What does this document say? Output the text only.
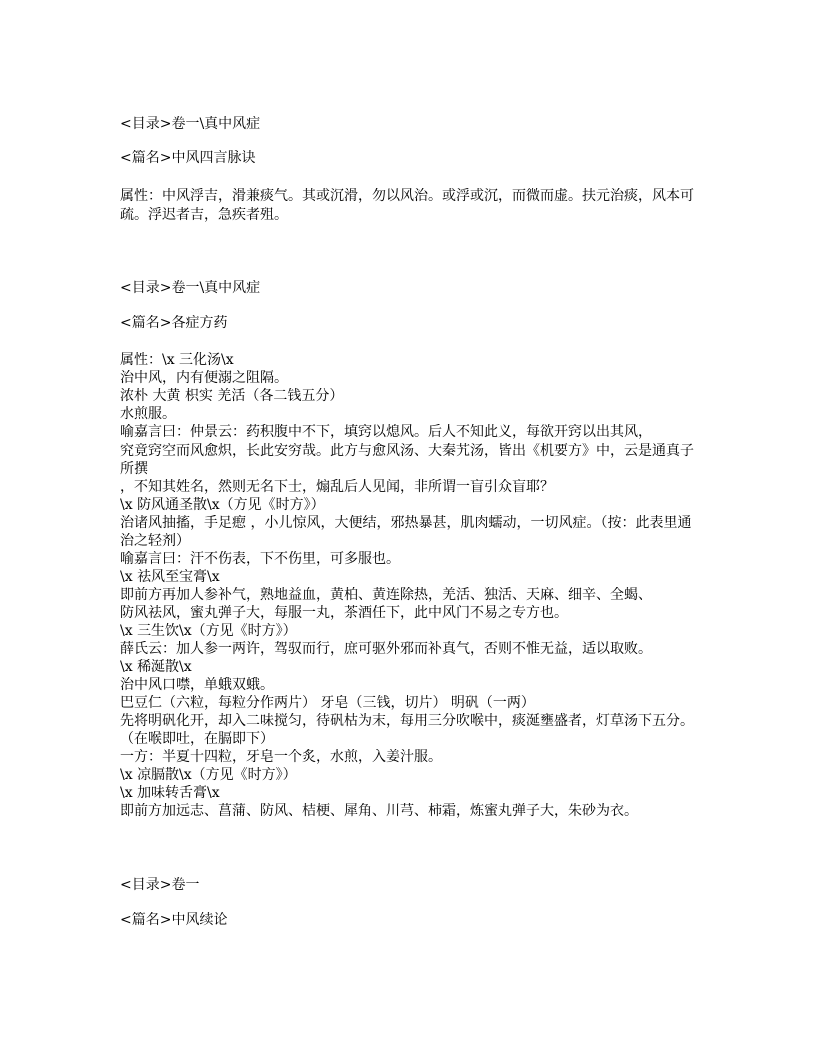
<目录>卷一\真中风症
<篇名>中风四言脉诀
属性：中风浮吉，滑兼痰气。其或沉滑，勿以风治。或浮或沉，而微而虚。扶元治痰，风本可
疏。浮迟者吉，急疾者殂。
<目录>卷一\真中风症
<篇名>各症方药
属性：\x 三化汤\x
治中风，内有便溺之阻隔。
浓朴 大黄 枳实 羌活（各二钱五分）
水煎服。
喻嘉言曰：仲景云：药积腹中不下，填窍以熄风。后人不知此义，每欲开窍以出其风，
究竟窍空而风愈炽，长此安穷哉。此方与愈风汤、大秦艽汤，皆出《机要方》中，云是通真子
所撰
，不知其姓名，然则无名下士，煽乱后人见闻，非所谓一盲引众盲耶？
\x 防风通圣散\x（方见《时方》）
治诸风抽搐，手足瘛 ，小儿惊风，大便结，邪热暴甚，肌肉蠕动，一切风症。（按：此表里通
治之轻剂）
喻嘉言曰：汗不伤表，下不伤里，可多服也。
\x 祛风至宝膏\x
即前方再加人参补气，熟地益血，黄柏、黄连除热，羌活、独活、天麻、细辛、全蝎、
防风祛风，蜜丸弹子大，每服一丸，茶酒任下，此中风门不易之专方也。
\x 三生饮\x（方见《时方》）
薛氏云：加人参一两许，驾驭而行，庶可驱外邪而补真气，否则不惟无益，适以取败。
\x 稀涎散\x
治中风口噤，单蛾双蛾。
巴豆仁（六粒，每粒分作两片） 牙皂（三钱，切片） 明矾（一两）
先将明矾化开，却入二味搅匀，待矾枯为末，每用三分吹喉中，痰涎壅盛者，灯草汤下五分。
（在喉即吐，在膈即下）
一方：半夏十四粒，牙皂一个炙，水煎，入姜汁服。
\x 凉膈散\x（方见《时方》）
\x 加味转舌膏\x
即前方加远志、菖蒲、防风、桔梗、犀角、川芎、柿霜，炼蜜丸弹子大，朱砂为衣。
<目录>卷一
<篇名>中风续论
